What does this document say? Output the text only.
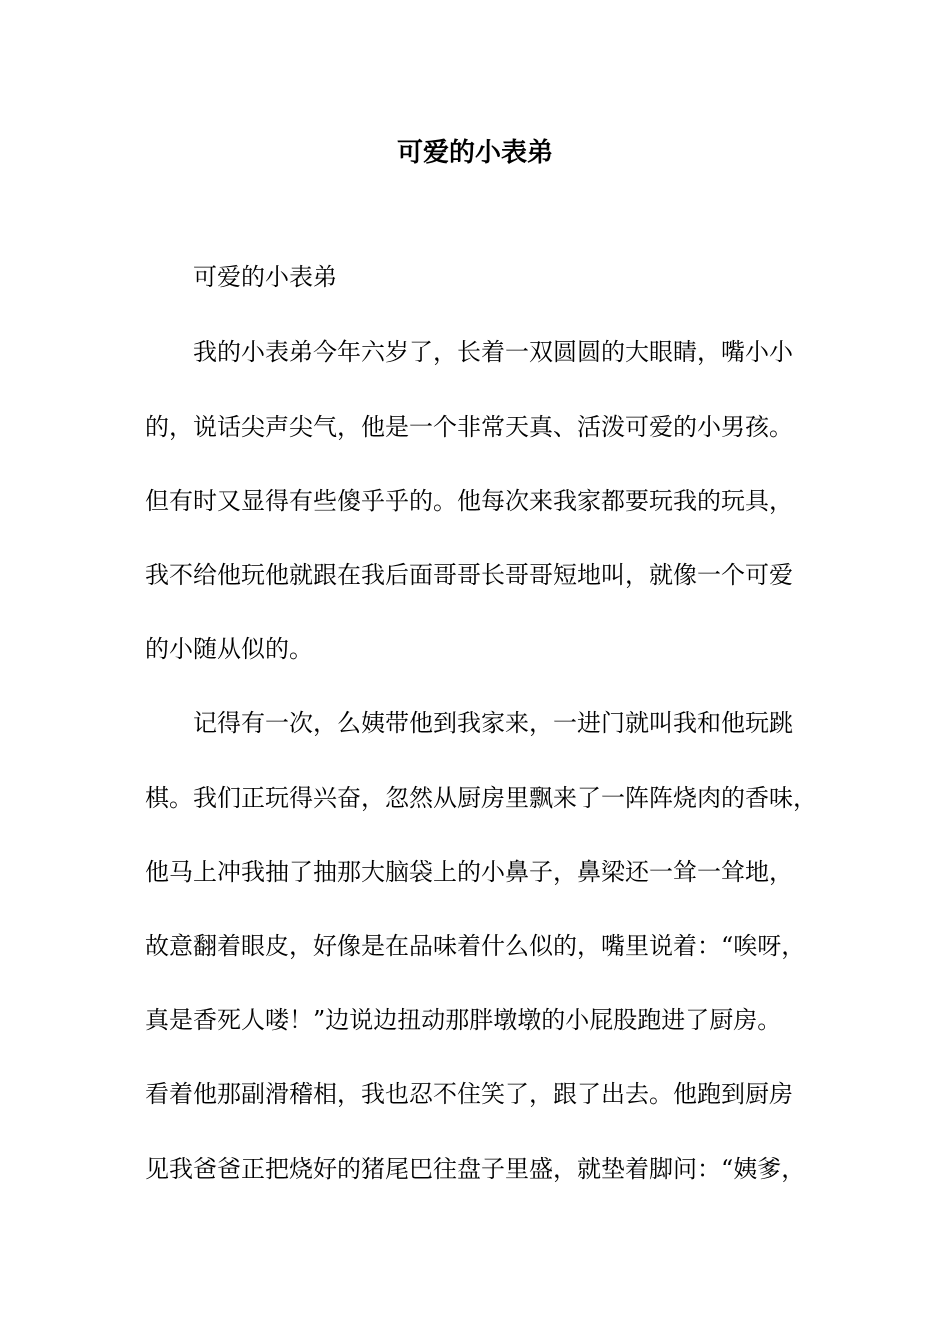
可爱的小表弟

可爱的小表弟

我的小表弟今年六岁了，长着一双圆圆的大眼睛，嘴小小

的，说话尖声尖气，他是一个非常天真、活泼可爱的小男孩。

但有时又显得有些傻乎乎的。他每次来我家都要玩我的玩具，

我不给他玩他就跟在我后面哥哥长哥哥短地叫，就像一个可爱

的小随从似的。

记得有一次，么姨带他到我家来，一进门就叫我和他玩跳

棋。我们正玩得兴奋，忽然从厨房里飘来了一阵阵烧肉的香味，

他马上冲我抽了抽那大脑袋上的小鼻子，鼻梁还一耸一耸地，

故意翻着眼皮，好像是在品味着什么似的，嘴里说着：“唉呀，

真是香死人喽！”边说边扭动那胖墩墩的小屁股跑进了厨房。

看着他那副滑稽相，我也忍不住笑了，跟了出去。他跑到厨房

见我爸爸正把烧好的猪尾巴往盘子里盛，就垫着脚问：“姨爹，
